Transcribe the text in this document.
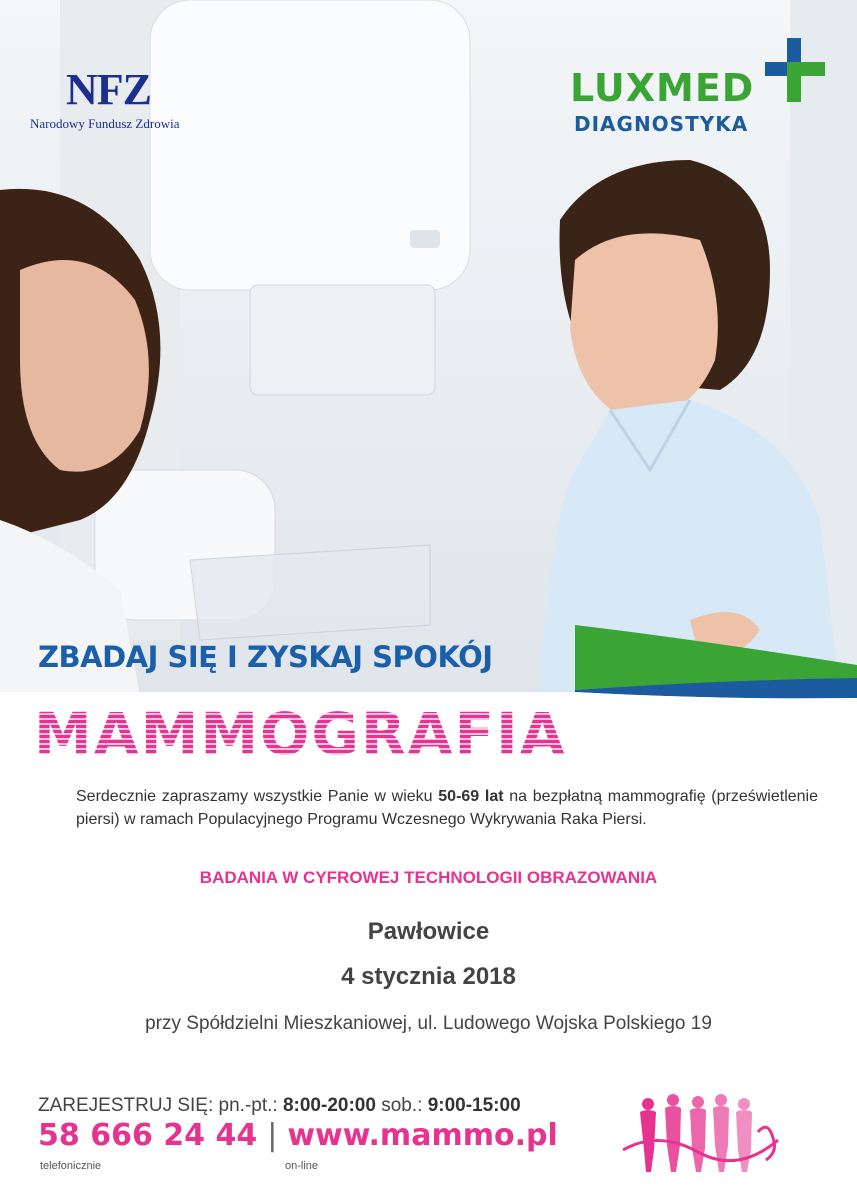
NFZ
Narodowy Fundusz Zdrowia
LUXMED
DIAGNOSTYKA
ZBADAJ SIĘ I ZYSKAJ SPOKÓJ
MAMMOGRAFIA

Serdecznie zapraszamy wszystkie Panie w wieku 50-69 lat na bezpłatną mammografię (prześwietlenie piersi) w ramach Populacyjnego Programu Wczesnego Wykrywania Raka Piersi.

BADANIA W CYFROWEJ TECHNOLOGII OBRAZOWANIA
Pawłowice
4 stycznia 2018
przy Spółdzielni Mieszkaniowej, ul. Ludowego Wojska Polskiego 19
ZAREJESTRUJ SIĘ: pn.-pt.: 8:00-20:00 sob.: 9:00-15:00
58 666 24 44 | www.mammo.pl
telefonicznie	on-line
